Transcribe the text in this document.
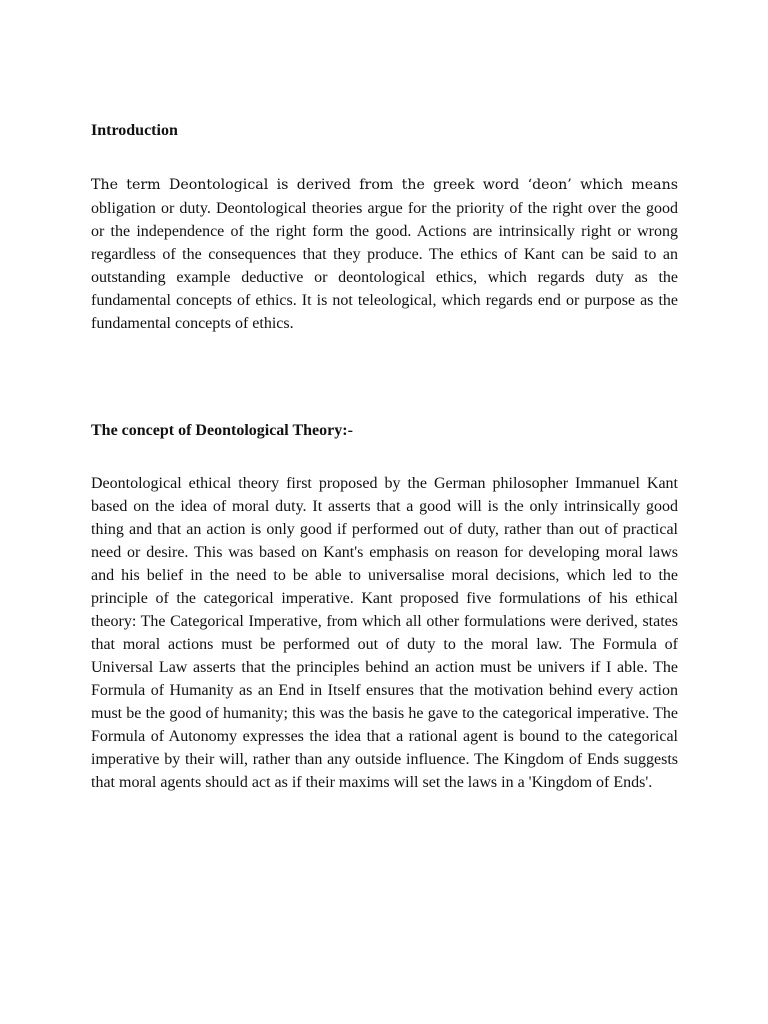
Introduction

The term Deontological is derived from the greek word ‘deon’ which means obligation or duty. Deontological theories argue for the priority of the right over the good or the independence of the right form the good. Actions are intrinsically right or wrong regardless of the consequences that they produce. The ethics of Kant can be said to an outstanding example deductive or deontological ethics, which regards duty as the fundamental concepts of ethics. It is not teleological, which regards end or purpose as the fundamental concepts of ethics.

The concept of Deontological Theory:-

Deontological ethical theory first proposed by the German philosopher Immanuel Kant based on the idea of moral duty. It asserts that a good will is the only intrinsically good thing and that an action is only good if performed out of duty, rather than out of practical need or desire. This was based on Kant's emphasis on reason for developing moral laws and his belief in the need to be able to universalise moral decisions, which led to the principle of the categorical imperative. Kant proposed five formulations of his ethical theory: The Categorical Imperative, from which all other formulations were derived, states that moral actions must be performed out of duty to the moral law. The Formula of Universal Law asserts that the principles behind an action must be univers if I able. The Formula of Humanity as an End in Itself ensures that the motivation behind every action must be the good of humanity; this was the basis he gave to the categorical imperative. The Formula of Autonomy expresses the idea that a rational agent is bound to the categorical imperative by their will, rather than any outside influence. The Kingdom of Ends suggests that moral agents should act as if their maxims will set the laws in a 'Kingdom of Ends'.
